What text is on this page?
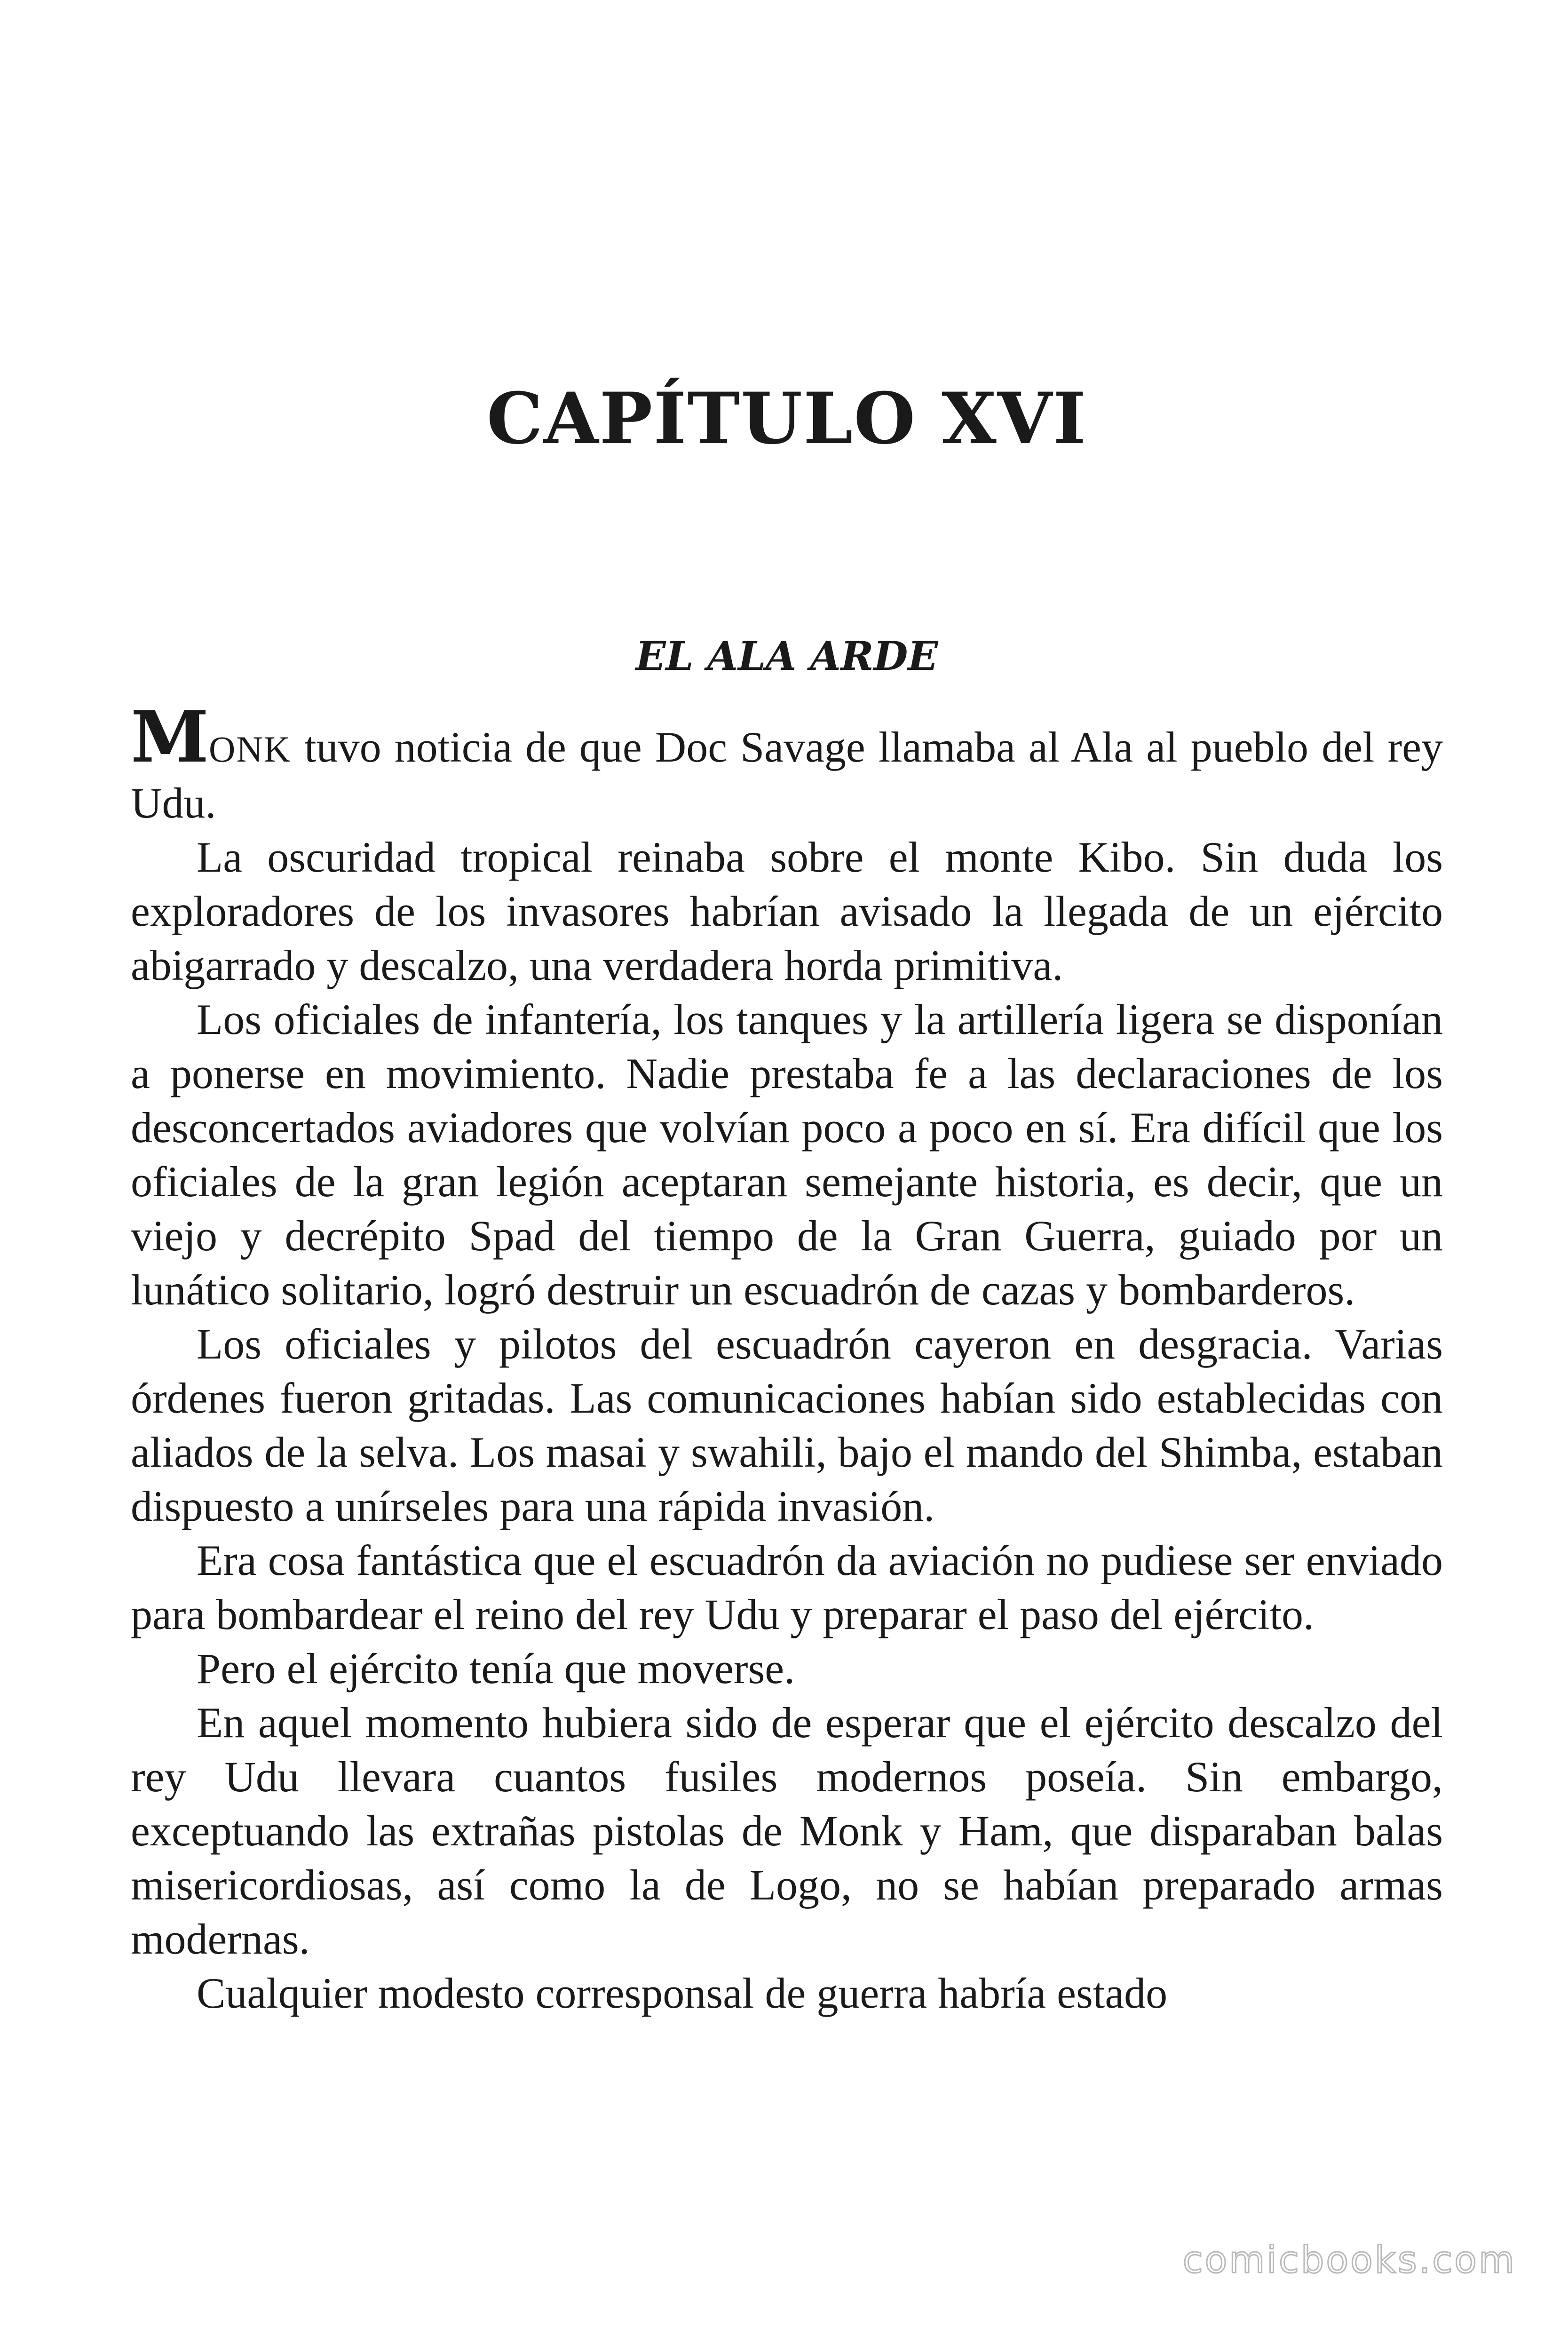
CAPÍTULO XVI
EL ALA ARDE

MONK tuvo noticia de que Doc Savage llamaba al Ala al pueblo del rey Udu.

La oscuridad tropical reinaba sobre el monte Kibo. Sin duda los exploradores de los invasores habrían avisado la llegada de un ejército abigarrado y descalzo, una verdadera horda primitiva.

Los oficiales de infantería, los tanques y la artillería ligera se disponían a ponerse en movimiento. Nadie prestaba fe a las declaraciones de los desconcertados aviadores que volvían poco a poco en sí. Era difícil que los oficiales de la gran legión aceptaran semejante historia, es decir, que un viejo y decrépito Spad del tiempo de la Gran Guerra, guiado por un lunático solitario, logró destruir un escuadrón de cazas y bombarderos.

Los oficiales y pilotos del escuadrón cayeron en desgracia. Varias órdenes fueron gritadas. Las comunicaciones habían sido establecidas con aliados de la selva. Los masai y swahili, bajo el mando del Shimba, estaban dispuesto a unírseles para una rápida invasión.

Era cosa fantástica que el escuadrón da aviación no pudiese ser enviado para bombardear el reino del rey Udu y preparar el paso del ejército.

Pero el ejército tenía que moverse.

En aquel momento hubiera sido de esperar que el ejército descalzo del rey Udu llevara cuantos fusiles modernos poseía. Sin embargo, exceptuando las extrañas pistolas de Monk y Ham, que disparaban balas misericordiosas, así como la de Logo, no se habían preparado armas modernas.

Cualquier modesto corresponsal de guerra habría estado

comicbooks.com
